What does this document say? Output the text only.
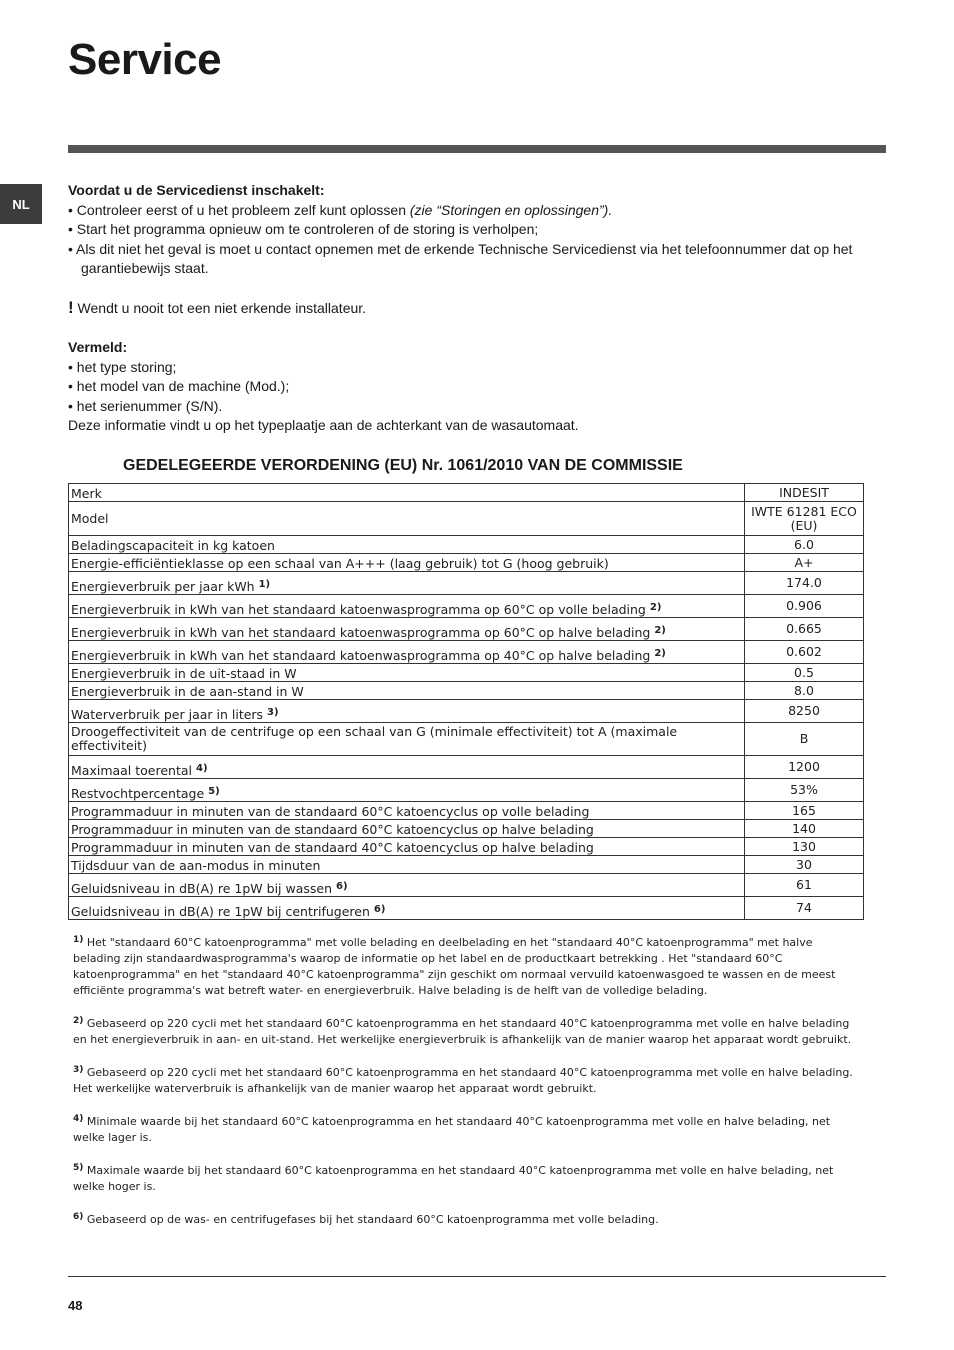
Service
NL

Voordat u de Servicedienst inschakelt:

• Controleer eerst of u het probleem zelf kunt oplossen (zie “Storingen en oplossingen”).
• Start het programma opnieuw om te controleren of de storing is verholpen;
• Als dit niet het geval is moet u contact opnemen met de erkende Technische Servicedienst via het telefoonnummer dat op het garantiebewijs staat.

! Wendt u nooit tot een niet erkende installateur.

Vermeld:

• het type storing;
• het model van de machine (Mod.);
• het serienummer (S/N).

Deze informatie vindt u op het typeplaatje aan de achterkant van de wasautomaat.

GEDELEGEERDE VERORDENING (EU) Nr. 1061/2010 VAN DE COMMISSIE
Merk	INDESIT
Model	IWTE 61281 ECO (EU)
Beladingscapaciteit in kg katoen	6.0
Energie-efficiëntieklasse op een schaal van A+++ (laag gebruik) tot G (hoog gebruik)	A+
Energieverbruik per jaar kWh $^{1)}$	174.0
Energieverbruik in kWh van het standaard katoenwasprogramma op 60°C op volle belading $^{2)}$	0.906
Energieverbruik in kWh van het standaard katoenwasprogramma op 60°C op halve belading $^{2)}$	0.665
Energieverbruik in kWh van het standaard katoenwasprogramma op 40°C op halve belading $^{2)}$	0.602
Energieverbruik in de uit-staad in W	0.5
Energieverbruik in de aan-stand in W	8.0
Waterverbruik per jaar in liters $^{3)}$	8250
Droogeffectiviteit van de centrifuge op een schaal van G (minimale effectiviteit) tot A (maximale effectiviteit)	B
Maximaal toerental $^{4)}$	1200
Restvochtpercentage $^{5)}$	53%
Programmaduur in minuten van de standaard 60°C katoencyclus op volle belading	165
Programmaduur in minuten van de standaard 60°C katoencyclus op halve belading	140
Programmaduur in minuten van de standaard 40°C katoencyclus op halve belading	130
Tijdsduur van de aan-modus in minuten	30
Geluidsniveau in dB(A) re 1pW bij wassen $^{6)}$	61
Geluidsniveau in dB(A) re 1pW bij centrifugeren $^{6)}$	74

$^{1)}$ Het "standaard 60°C katoenprogramma" met volle belading en deelbelading en het "standaard 40°C katoenprogramma" met halve belading zijn standaardwasprogramma's waarop de informatie op het label en de productkaart betrekking . Het "standaard 60°C katoenprogramma" en het "standaard 40°C katoenprogramma" zijn geschikt om normaal vervuild katoenwasgoed te wassen en de meest efficiënte programma's wat betreft water- en energieverbruik. Halve belading is de helft van de volledige belading.

$^{2)}$ Gebaseerd op 220 cycli met het standaard 60°C katoenprogramma en het standaard 40°C katoenprogramma met volle en halve belading en het energieverbruik in aan- en uit-stand. Het werkelijke energieverbruik is afhankelijk van de manier waarop het apparaat wordt gebruikt.

$^{3)}$ Gebaseerd op 220 cycli met het standaard 60°C katoenprogramma en het standaard 40°C katoenprogramma met volle en halve belading. Het werkelijke waterverbruik is afhankelijk van de manier waarop het apparaat wordt gebruikt.

$^{4)}$ Minimale waarde bij het standaard 60°C katoenprogramma en het standaard 40°C katoenprogramma met volle en halve belading, net welke lager is.

$^{5)}$ Maximale waarde bij het standaard 60°C katoenprogramma en het standaard 40°C katoenprogramma met volle en halve belading, net welke hoger is.

$^{6)}$ Gebaseerd op de was- en centrifugefases bij het standaard 60°C katoenprogramma met volle belading.

48
